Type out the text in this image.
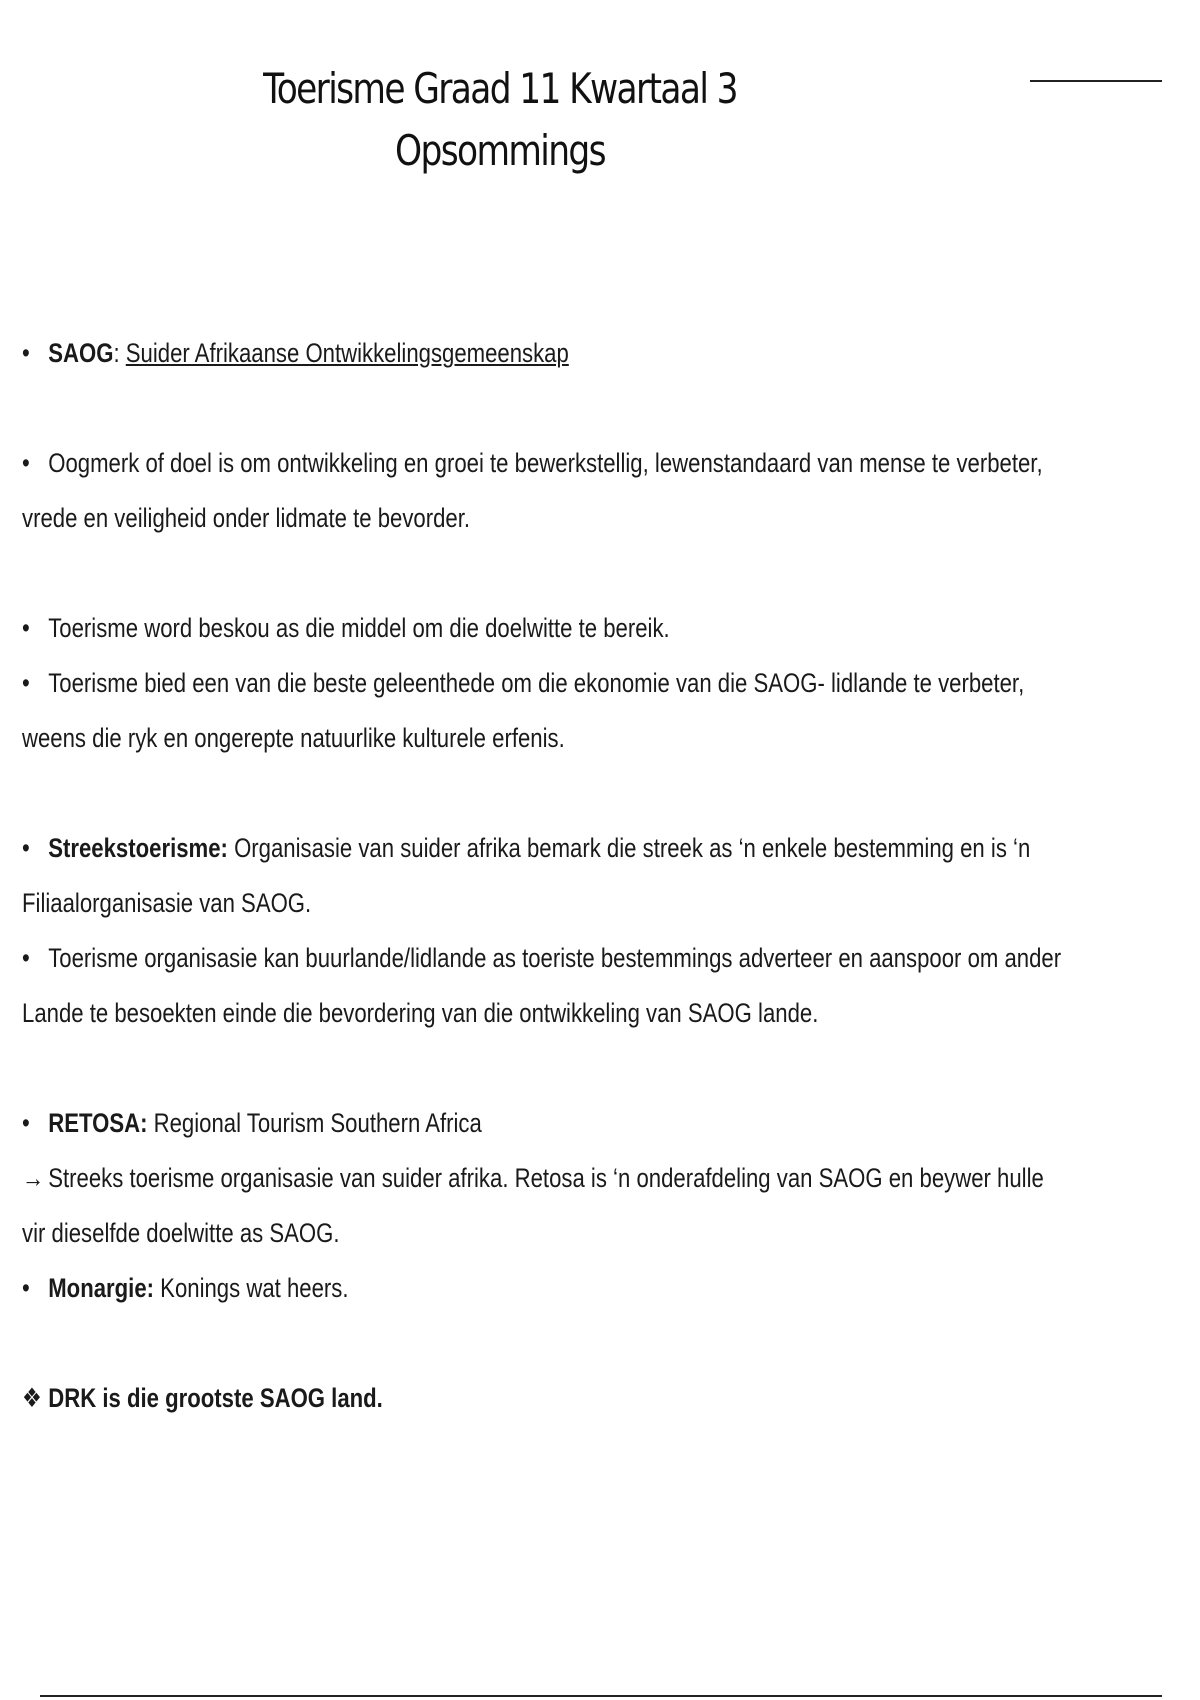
Toerisme Graad 11 Kwartaal 3
Opsommings
• SAOG: Suider Afrikaanse Ontwikkelingsgemeenskap
• Oogmerk of doel is om ontwikkeling en groei te bewerkstellig, lewenstandaard van mense te verbeter,
vrede en veiligheid onder lidmate te bevorder.
• Toerisme word beskou as die middel om die doelwitte te bereik.
• Toerisme bied een van die beste geleenthede om die ekonomie van die SAOG- lidlande te verbeter,
weens die ryk en ongerepte natuurlike kulturele erfenis.
• Streekstoerisme: Organisasie van suider afrika bemark die streek as ‘n enkele bestemming en is ‘n
Filiaalorganisasie van SAOG.
• Toerisme organisasie kan buurlande/lidlande as toeriste bestemmings adverteer en aanspoor om ander
Lande te besoekten einde die bevordering van die ontwikkeling van SAOG lande.
• RETOSA: Regional Tourism Southern Africa
→ Streeks toerisme organisasie van suider afrika. Retosa is ‘n onderafdeling van SAOG en beywer hulle
vir dieselfde doelwitte as SAOG.
• Monargie: Konings wat heers.
❖ DRK is die grootste SAOG land.
